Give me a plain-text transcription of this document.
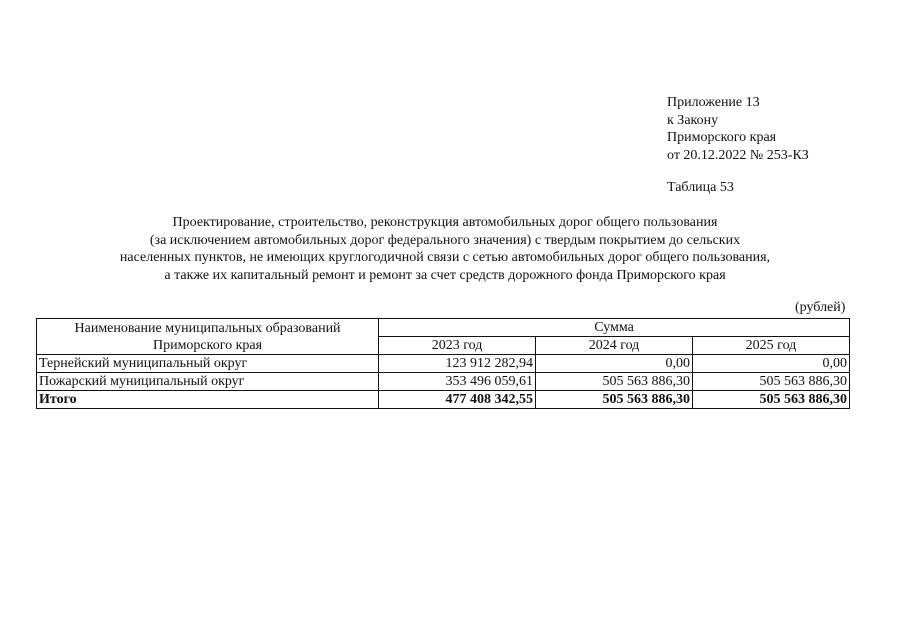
Приложение 13
к Закону
Приморского края
от 20.12.2022 № 253-КЗ
Таблица 53
Проектирование, строительство, реконструкция автомобильных дорог общего пользования
(за исключением автомобильных дорог федерального значения) с твердым покрытием до сельских
населенных пунктов, не имеющих круглогодичной связи с сетью автомобильных дорог общего пользования,
а также их капитальный ремонт и ремонт за счет средств дорожного фонда Приморского края
(рублей)
Наименование муниципальных образований
Приморского края	Сумма		
	2023 год	2024 год	2025 год
Тернейский муниципальный округ	123 912 282,94	0,00	0,00
Пожарский муниципальный округ	353 496 059,61	505 563 886,30	505 563 886,30
Итого	477 408 342,55	505 563 886,30	505 563 886,30
